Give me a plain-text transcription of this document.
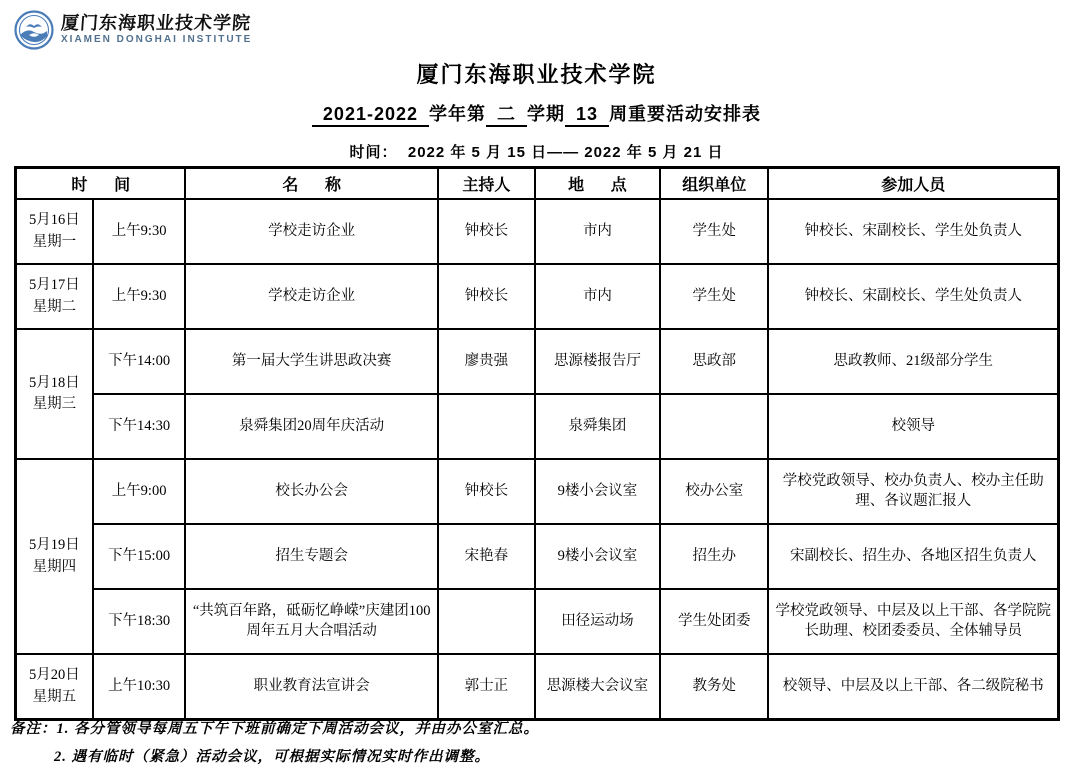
厦门东海职业技术学院
XIAMEN DONGHAI INSTITUTE
厦门东海职业技术学院
2021-2022 学年第 二 学期 13 周重要活动安排表
时间：  2022 年 5 月 15 日—— 2022 年 5 月 21 日
时      间		名      称	主持人	地      点	组织单位	参加人员

5月16日
星期一	上午9:30	学校走访企业	钟校长	市内	学生处	钟校长、宋副校长、学生处负责人

5月17日
星期二	上午9:30	学校走访企业	钟校长	市内	学生处	钟校长、宋副校长、学生处负责人

5月18日
星期三	下午14:00	第一届大学生讲思政决赛	廖贵强	思源楼报告厅	思政部	思政教师、21级部分学生
	下午14:30	泉舜集团20周年庆活动		泉舜集团		校领导

5月19日
星期四	上午9:00	校长办公会	钟校长	9楼小会议室	校办公室	学校党政领导、校办负责人、校办主任助理、各议题汇报人
	下午15:00	招生专题会	宋艳春	9楼小会议室	招生办	宋副校长、招生办、各地区招生负责人
	下午18:30	“共筑百年路，砥砺忆峥嵘”庆建团100周年五月大合唱活动		田径运动场	学生处团委	学校党政领导、中层及以上干部、各学院院长助理、校团委委员、全体辅导员

5月20日
星期五	上午10:30	职业教育法宣讲会	郭士正	思源楼大会议室	教务处	校领导、中层及以上干部、各二级院秘书
备注：1. 各分管领导每周五下午下班前确定下周活动会议，并由办公室汇总。
2. 遇有临时（紧急）活动会议，可根据实际情况实时作出调整。
